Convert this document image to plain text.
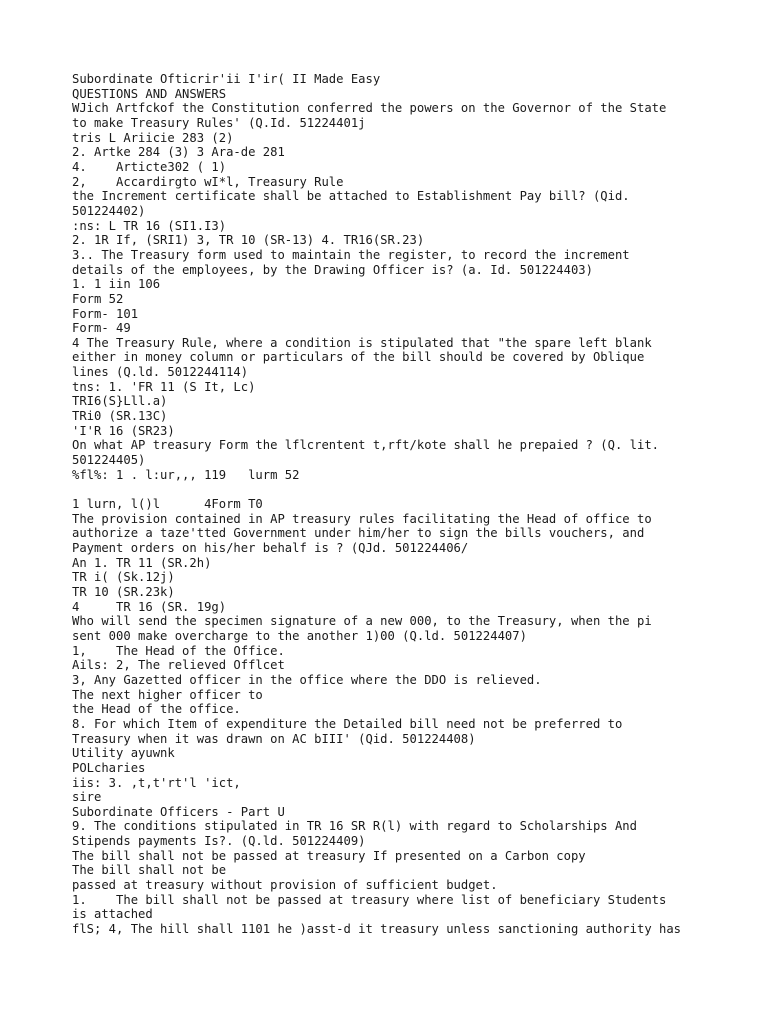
Subordinate Ofticrir'ii I'ir( II Made Easy
QUESTIONS AND ANSWERS
WJich Artfckof the Constitution conferred the powers on the Governor of the State
to make Treasury Rules' (Q.Id. 51224401j
tris L Ariicie 283 (2)
2. Artke 284 (3) 3 Ara-de 281
4.    Articte302 ( 1)
2,    Accardirgto wI*l, Treasury Rule
the Increment certificate shall be attached to Establishment Pay bill? (Qid.
501224402)
:ns: L TR 16 (SI1.I3)
2. 1R If, (SRI1) 3, TR 10 (SR-13) 4. TR16(SR.23)
3.. The Treasury form used to maintain the register, to record the increment
details of the employees, by the Drawing Officer is? (a. Id. 501224403)
1. 1 iin 106
Form 52
Form- 101
Form- 49
4 The Treasury Rule, where a condition is stipulated that "the spare left blank
either in money column or particulars of the bill should be covered by Oblique
lines (Q.ld. 5012244114)
tns: 1. 'FR 11 (S It, Lc)
TRI6(S}Lll.a)
TRi0 (SR.13C)
'I'R 16 (SR23)
On what AP treasury Form the lflcrentent t,rft/kote shall he prepaied ? (Q. lit.
501224405)
%fl%: 1 . l:ur,,, 119   lurm 52
1 lurn, l()l      4Form T0
The provision contained in AP treasury rules facilitating the Head of office to
authorize a taze'tted Government under him/her to sign the bills vouchers, and
Payment orders on his/her behalf is ? (QJd. 501224406/
An 1. TR 11 (SR.2h)
TR i( (Sk.12j)
TR 10 (SR.23k)
4     TR 16 (SR. 19g)
Who will send the specimen signature of a new 000, to the Treasury, when the pi
sent 000 make overcharge to the another 1)00 (Q.ld. 501224407)
1,    The Head of the Office.
Ails: 2, The relieved Offlcet
3, Any Gazetted officer in the office where the DDO is relieved.
The next higher officer to
the Head of the office.
8. For which Item of expenditure the Detailed bill need not be preferred to
Treasury when it was drawn on AC bIII' (Qid. 501224408)
Utility ayuwnk
POLcharies
iis: 3. ,t,t'rt'l 'ict,
sire
Subordinate Officers - Part U
9. The conditions stipulated in TR 16 SR R(l) with regard to Scholarships And
Stipends payments Is?. (Q.ld. 501224409)
The bill shall not be passed at treasury If presented on a Carbon copy
The bill shall not be
passed at treasury without provision of sufficient budget.
1.    The bill shall not be passed at treasury where list of beneficiary Students
is attached
flS; 4, The hill shall 1101 he )asst-d it treasury unless sanctioning authority has
